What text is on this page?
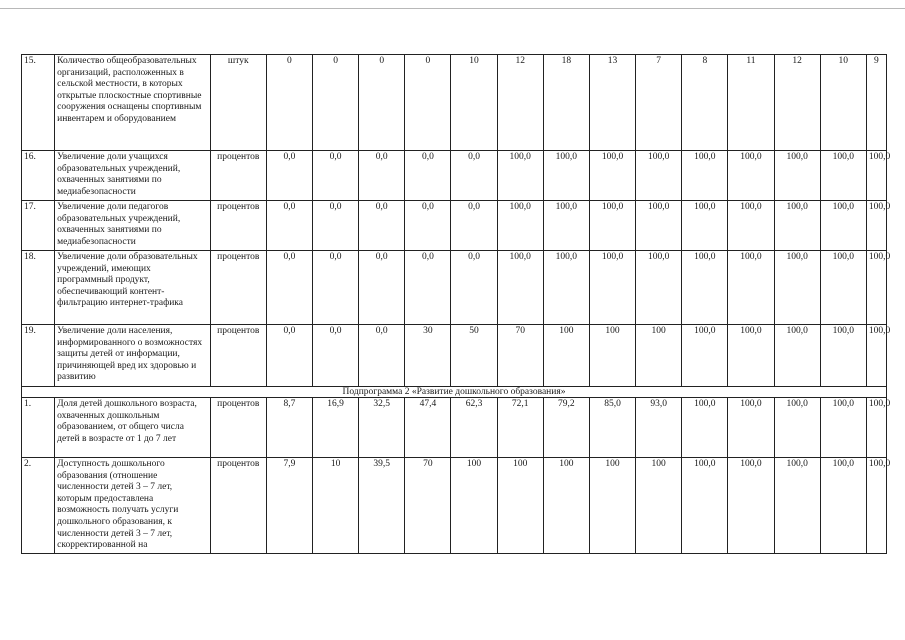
15.	Количество общеобразовательных организаций, расположенных в сельской местности, в которых открытые плоскостные спортивные сооружения оснащены спортивным инвентарем и оборудованием	штук	0	0	0	0	10	12	18	13	7	8	11	12	10	9
16.	Увеличение доли учащихся образовательных учреждений, охваченных занятиями по медиабезопасности	процентов	0,0	0,0	0,0	0,0	0,0	100,0	100,0	100,0	100,0	100,0	100,0	100,0	100,0	100,0
17.	Увеличение доли педагогов образовательных учреждений, охваченных занятиями по медиабезопасности	процентов	0,0	0,0	0,0	0,0	0,0	100,0	100,0	100,0	100,0	100,0	100,0	100,0	100,0	100,0
18.	Увеличение доли образовательных учреждений, имеющих программный продукт, обеспечивающий контент-фильтрацию интернет-трафика	процентов	0,0	0,0	0,0	0,0	0,0	100,0	100,0	100,0	100,0	100,0	100,0	100,0	100,0	100,0
19.	Увеличение доли населения, информированного о возможностях защиты детей от информации, причиняющей вред их здоровью и развитию	процентов	0,0	0,0	0,0	30	50	70	100	100	100	100,0	100,0	100,0	100,0	100,0
Подпрограмма 2 «Развитие дошкольного образования»																
1.	Доля детей дошкольного возраста, охваченных дошкольным образованием, от общего числа детей в возрасте от 1 до 7 лет	процентов	8,7	16,9	32,5	47,4	62,3	72,1	79,2	85,0	93,0	100,0	100,0	100,0	100,0	100,0
2.	Доступность дошкольного образования (отношение численности детей 3 – 7 лет, которым предоставлена возможность получать услуги дошкольного образования, к численности детей 3 – 7 лет, скорректированной на	процентов	7,9	10	39,5	70	100	100	100	100	100	100,0	100,0	100,0	100,0	100,0
